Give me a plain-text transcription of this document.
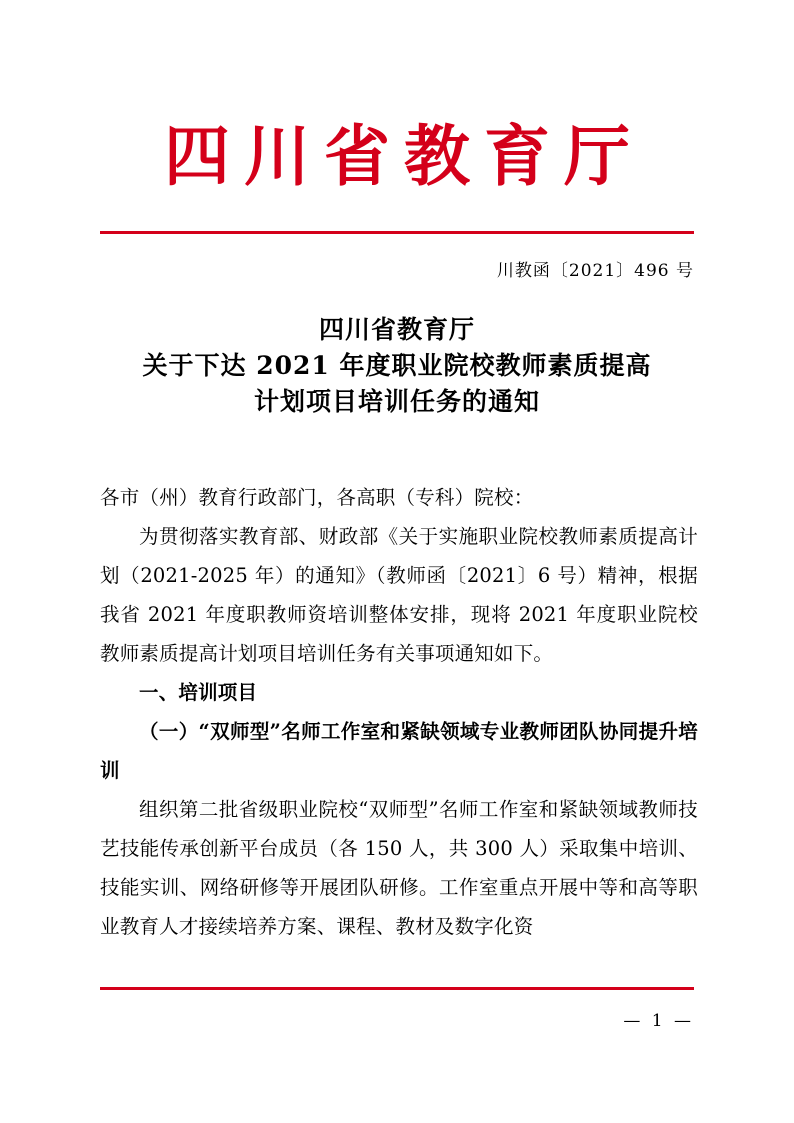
四川省教育厅
川教函〔2021〕496 号
四川省教育厅
关于下达 2021 年度职业院校教师素质提高
计划项目培训任务的通知

各市（州）教育行政部门，各高职（专科）院校：

为贯彻落实教育部、财政部《关于实施职业院校教师素质提高计划（2021-2025 年）的通知》（教师函〔2021〕6 号）精神，根据我省 2021 年度职教师资培训整体安排，现将 2021 年度职业院校教师素质提高计划项目培训任务有关事项通知如下。

一、培训项目

（一）“双师型”名师工作室和紧缺领域专业教师团队协同提升培训

组织第二批省级职业院校“双师型”名师工作室和紧缺领域教师技艺技能传承创新平台成员（各 150 人，共 300 人）采取集中培训、技能实训、网络研修等开展团队研修。工作室重点开展中等和高等职业教育人才接续培养方案、课程、教材及数字化资

— 1 —
